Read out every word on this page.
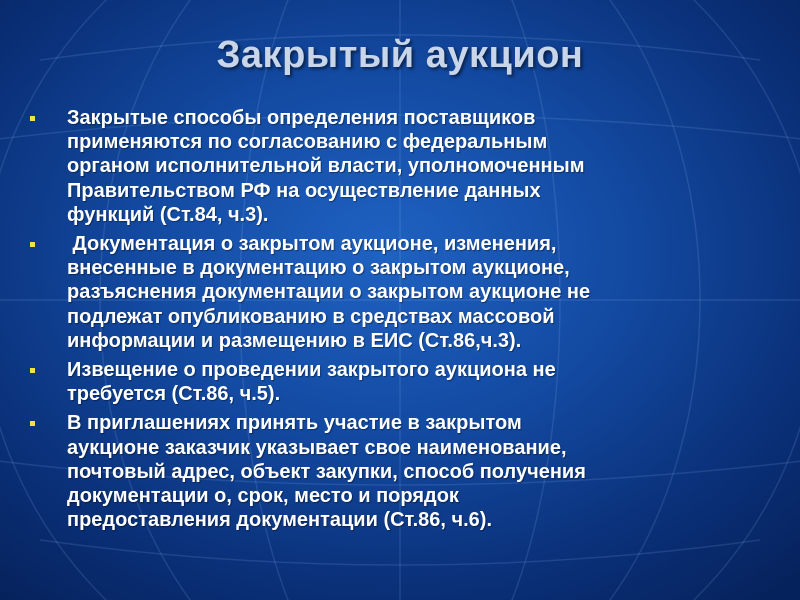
Закрытый аукцион
Закрытые способы определения поставщиков
применяются по согласованию с федеральным
органом исполнительной власти, уполномоченным
Правительством РФ на осуществление данных
функций (Ст.84, ч.3).
Документация о закрытом аукционе, изменения,
внесенные в документацию о закрытом аукционе,
разъяснения документации о закрытом аукционе не
подлежат опубликованию в средствах массовой
информации и размещению в ЕИС (Ст.86,ч.3).
Извещение о проведении закрытого аукциона не
требуется (Ст.86, ч.5).
В приглашениях принять участие в закрытом
аукционе заказчик указывает свое наименование,
почтовый адрес, объект закупки, способ получения
документации о, срок, место и порядок
предоставления документации (Ст.86, ч.6).
